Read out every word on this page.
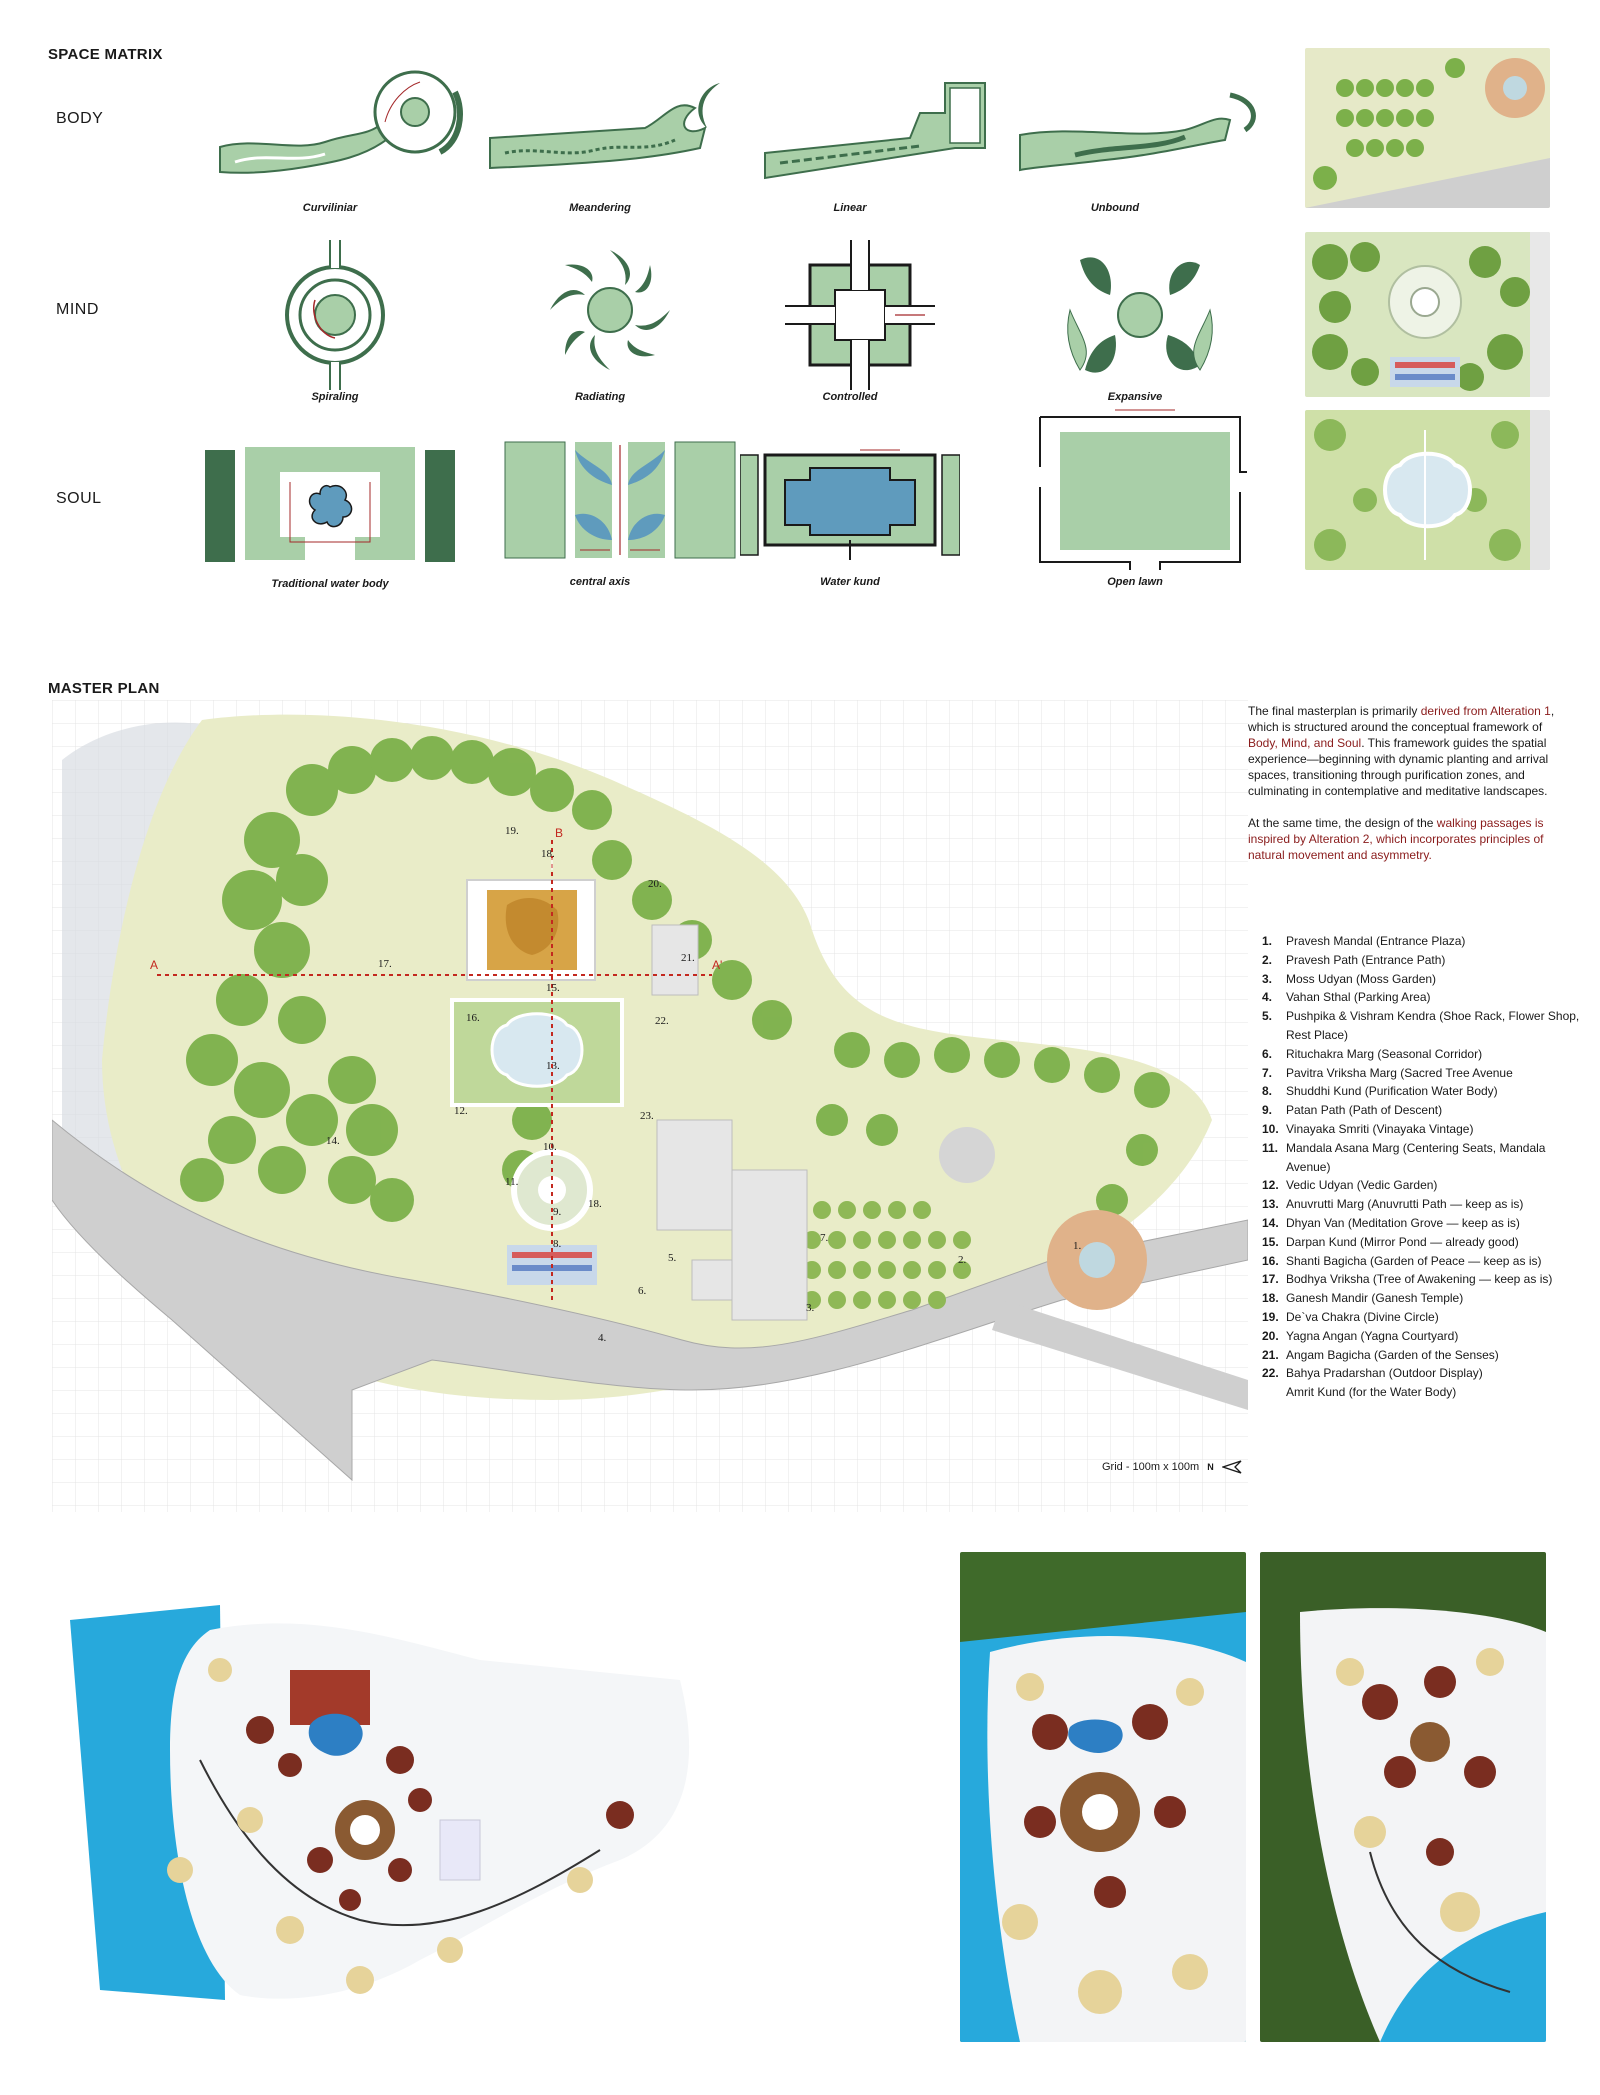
SPACE MATRIX
BODY
MIND
SOUL
Curviliniar	Meandering	Linear	Unbound
Spiraling	Radiating	Controlled	Expansive
Traditional water body	central axis	Water kund	Open lawn
MASTER PLAN
A	A'
B
19.
18.
20.
21.
17.
15.
16.	22.
13.
12.	23.
14.	10.
11.
9.
18.
8.
5.
6.
4.
3.
2.
1.
7.
Grid - 100m x 100m N

The final masterplan is primarily derived from Alteration 1, which is structured around the conceptual framework of Body, Mind, and Soul. This framework guides the spatial experience—beginning with dynamic planting and arrival spaces, transitioning through purification zones, and culminating in contemplative and meditative landscapes.

At the same time, the design of the walking passages is inspired by Alteration 2, which incorporates principles of natural movement and asymmetry.

1.	Pravesh Mandal (Entrance Plaza)
2.	Pravesh Path (Entrance Path)
3.	Moss Udyan (Moss Garden)
4.	Vahan Sthal (Parking Area)
5.	Pushpika & Vishram Kendra (Shoe Rack, Flower Shop, Rest Place)
6.	Rituchakra Marg (Seasonal Corridor)
7.	Pavitra Vriksha Marg (Sacred Tree Avenue
8.	Shuddhi Kund (Purification Water Body)
9.	Patan Path (Path of Descent)
10. Vinayaka Smriti (Vinayaka Vintage)
11. Mandala Asana Marg (Centering Seats, Mandala Avenue)
12. Vedic Udyan (Vedic Garden)
13. Anuvrutti Marg (Anuvrutti Path — keep as is)
14. Dhyan Van (Meditation Grove — keep as is)
15. Darpan Kund (Mirror Pond — already good)
16. Shanti Bagicha (Garden of Peace — keep as is)
17. Bodhya Vriksha (Tree of Awakening — keep as is)
18. Ganesh Mandir (Ganesh Temple)
19. De`va Chakra (Divine Circle)
20. Yagna Angan (Yagna Courtyard)
21. Angam Bagicha (Garden of the Senses)
22. Bahya Pradarshan (Outdoor Display)
Amrit Kund (for the Water Body)
